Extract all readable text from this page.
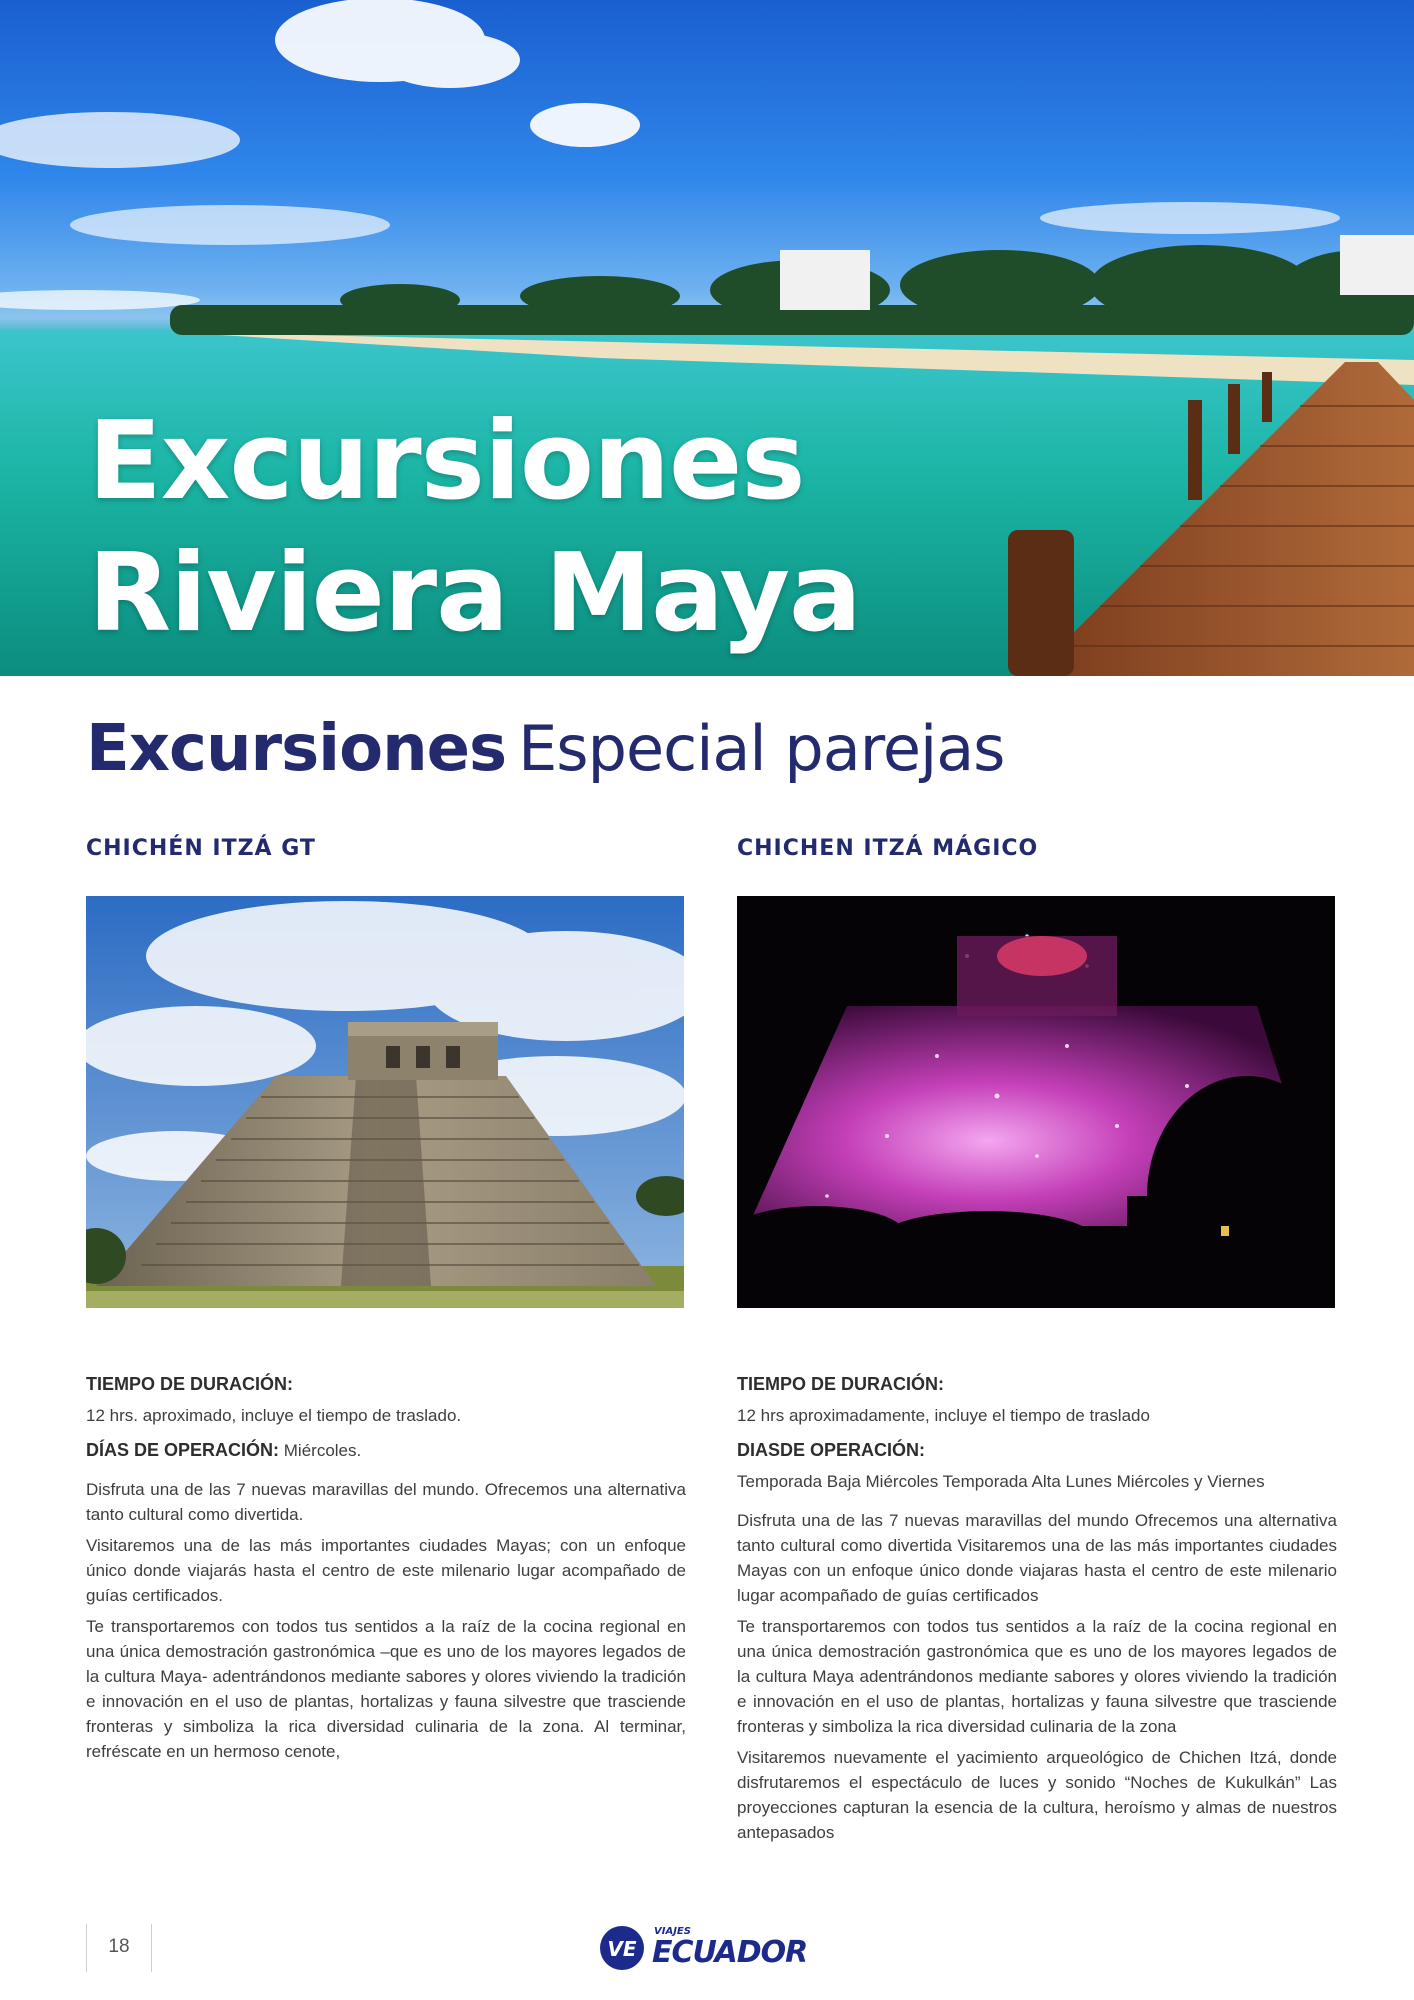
Excursiones
Riviera Maya
Excursiones Especial parejas
CHICHÉN ITZÁ GT
TIEMPO DE DURACIÓN:
12 hrs. aproximado, incluye el tiempo de traslado.
DÍAS DE OPERACIÓN: Miércoles.

Disfruta una de las 7 nuevas maravillas del mundo. Ofrecemos una alternativa tanto cultural como divertida.

Visitaremos una de las más importantes ciudades Mayas; con un enfoque único donde viajarás hasta el centro de este milenario lugar acompañado de guías certificados.

Te transportaremos con todos tus sentidos a la raíz de la cocina regional en una única demostración gastronómica –que es uno de los mayores legados de la cultura Maya- adentrándonos mediante sabores y olores viviendo la tradición e innovación en el uso de plantas, hortalizas y fauna silvestre que trasciende fronteras y simboliza la rica diversidad culinaria de la zona. Al terminar, refréscate en un hermoso cenote,

CHICHEN ITZÁ MÁGICO
TIEMPO DE DURACIÓN:
12 hrs aproximadamente, incluye el tiempo de traslado
DIASDE OPERACIÓN:
Temporada Baja Miércoles Temporada Alta Lunes Miércoles y Viernes

Disfruta una de las 7 nuevas maravillas del mundo Ofrecemos una alternativa tanto cultural como divertida Visitaremos una de las más importantes ciudades Mayas con un enfoque único donde viajaras hasta el centro de este milenario lugar acompañado de guías certificados

Te transportaremos con todos tus sentidos a la raíz de la cocina regional en una única demostración gastronómica que es uno de los mayores legados de la cultura Maya adentrándonos mediante sabores y olores viviendo la tradición e innovación en el uso de plantas, hortalizas y fauna silvestre que trasciende fronteras y simboliza la rica diversidad culinaria de la zona

Visitaremos nuevamente el yacimiento arqueológico de Chichen Itzá, donde disfrutaremos el espectáculo de luces y sonido “Noches de Kukulkán” Las proyecciones capturan la esencia de la cultura, heroísmo y almas de nuestros antepasados

18	VE
VIAJES
ECUADOR
